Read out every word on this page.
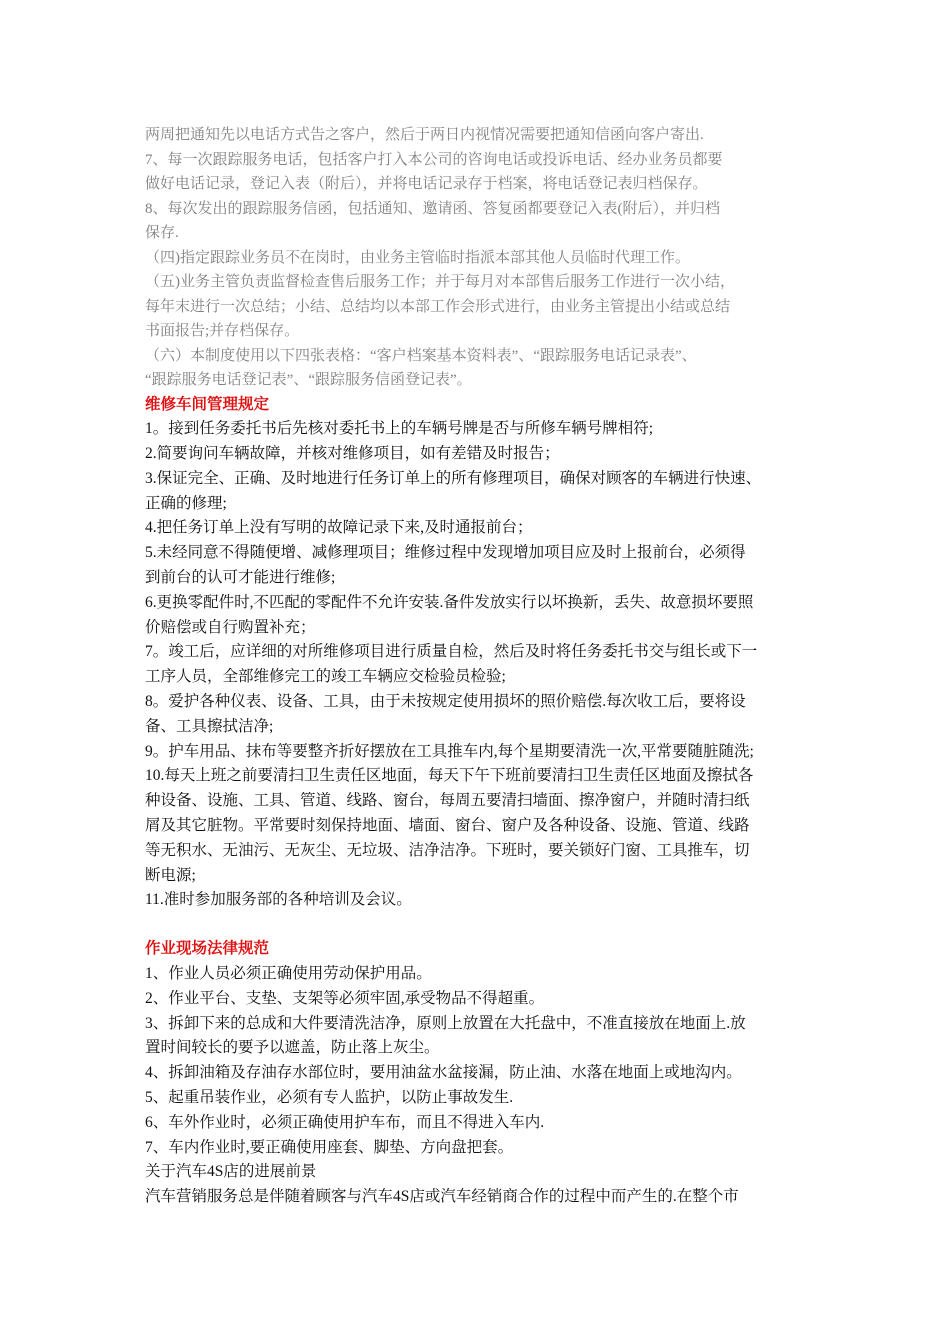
两周把通知先以电话方式告之客户，然后于两日内视情况需要把通知信函向客户寄出.

7、每一次跟踪服务电话，包括客户打入本公司的咨询电话或投诉电话、经办业务员都要

做好电话记录，登记入表（附后），并将电话记录存于档案，将电话登记表归档保存。

8、每次发出的跟踪服务信函，包括通知、邀请函、答复函都要登记入表(附后），并归档

保存.

（四)指定跟踪业务员不在岗时，由业务主管临时指派本部其他人员临时代理工作。

（五)业务主管负责监督检查售后服务工作；并于每月对本部售后服务工作进行一次小结，

每年末进行一次总结；小结、总结均以本部工作会形式进行，由业务主管提出小结或总结

书面报告;并存档保存。

（六）本制度使用以下四张表格：“客户档案基本资料表”、“跟踪服务电话记录表”、

“跟踪服务电话登记表”、“跟踪服务信函登记表”。

维修车间管理规定

1。接到任务委托书后先核对委托书上的车辆号牌是否与所修车辆号牌相符;

2.简要询问车辆故障，并核对维修项目，如有差错及时报告；

3.保证完全、正确、及时地进行任务订单上的所有修理项目，确保对顾客的车辆进行快速、

正确的修理;

4.把任务订单上没有写明的故障记录下来,及时通报前台；

5.未经同意不得随便增、减修理项目；维修过程中发现增加项目应及时上报前台，必须得

到前台的认可才能进行维修;

6.更换零配件时,不匹配的零配件不允许安装.备件发放实行以坏换新，丢失、故意损坏要照

价赔偿或自行购置补充；

7。竣工后，应详细的对所维修项目进行质量自检，然后及时将任务委托书交与组长或下一

工序人员，全部维修完工的竣工车辆应交检验员检验;

8。爱护各种仪表、设备、工具，由于未按规定使用损坏的照价赔偿.每次收工后，要将设

备、工具擦拭洁净;

9。护车用品、抹布等要整齐折好摆放在工具推车内,每个星期要清洗一次,平常要随脏随洗;

10.每天上班之前要清扫卫生责任区地面，每天下午下班前要清扫卫生责任区地面及擦拭各

种设备、设施、工具、管道、线路、窗台，每周五要清扫墙面、擦净窗户，并随时清扫纸

屑及其它脏物。平常要时刻保持地面、墙面、窗台、窗户及各种设备、设施、管道、线路

等无积水、无油污、无灰尘、无垃圾、洁净洁净。下班时，要关锁好门窗、工具推车，切

断电源;

11.准时参加服务部的各种培训及会议。

作业现场法律规范

1、作业人员必须正确使用劳动保护用品。

2、作业平台、支垫、支架等必须牢固,承受物品不得超重。

3、拆卸下来的总成和大件要清洗洁净，原则上放置在大托盘中，不准直接放在地面上.放

置时间较长的要予以遮盖，防止落上灰尘。

4、拆卸油箱及存油存水部位时，要用油盆水盆接漏，防止油、水落在地面上或地沟内。

5、起重吊装作业，必须有专人监护，以防止事故发生.

6、车外作业时，必须正确使用护车布，而且不得进入车内.

7、车内作业时,要正确使用座套、脚垫、方向盘把套。

关于汽车4S店的进展前景

汽车营销服务总是伴随着顾客与汽车4S店或汽车经销商合作的过程中而产生的.在整个市
